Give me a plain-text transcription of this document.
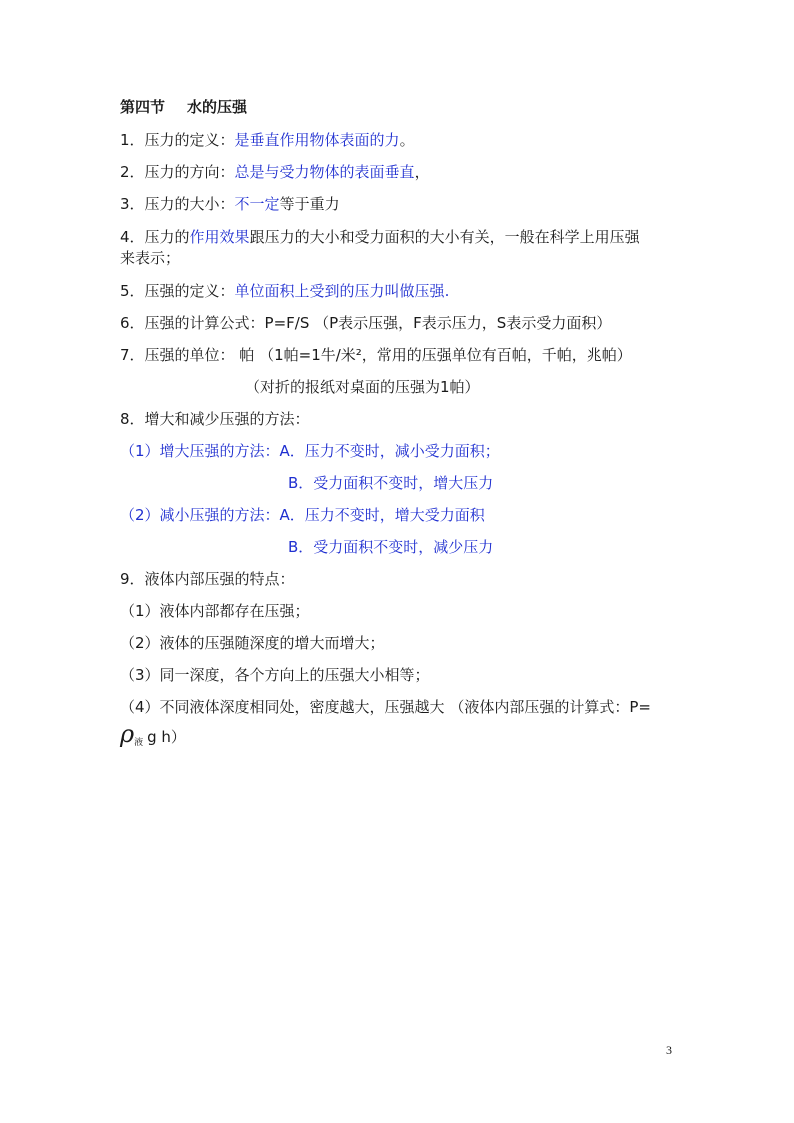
第四节 水的压强
1．压力的定义：是垂直作用物体表面的力。
2．压力的方向：总是与受力物体的表面垂直，
3．压力的大小：不一定等于重力
4．压力的作用效果跟压力的大小和受力面积的大小有关，一般在科学上用压强
来表示；
5．压强的定义：单位面积上受到的压力叫做压强.
6．压强的计算公式：P=F/S （P表示压强，F表示压力，S表示受力面积）
7．压强的单位： 帕 （1帕=1牛/米²，常用的压强单位有百帕，千帕，兆帕）
（对折的报纸对桌面的压强为1帕）
8．增大和减少压强的方法：
（1）增大压强的方法：A．压力不变时，减小受力面积；
B．受力面积不变时，增大压力
（2）减小压强的方法：A．压力不变时，增大受力面积
B．受力面积不变时，减少压力
9．液体内部压强的特点：
（1）液体内部都存在压强；
（2）液体的压强随深度的增大而增大；
（3）同一深度，各个方向上的压强大小相等；
（4）不同液体深度相同处，密度越大，压强越大 （液体内部压强的计算式：P=
$\rho_液$ g h）
3
